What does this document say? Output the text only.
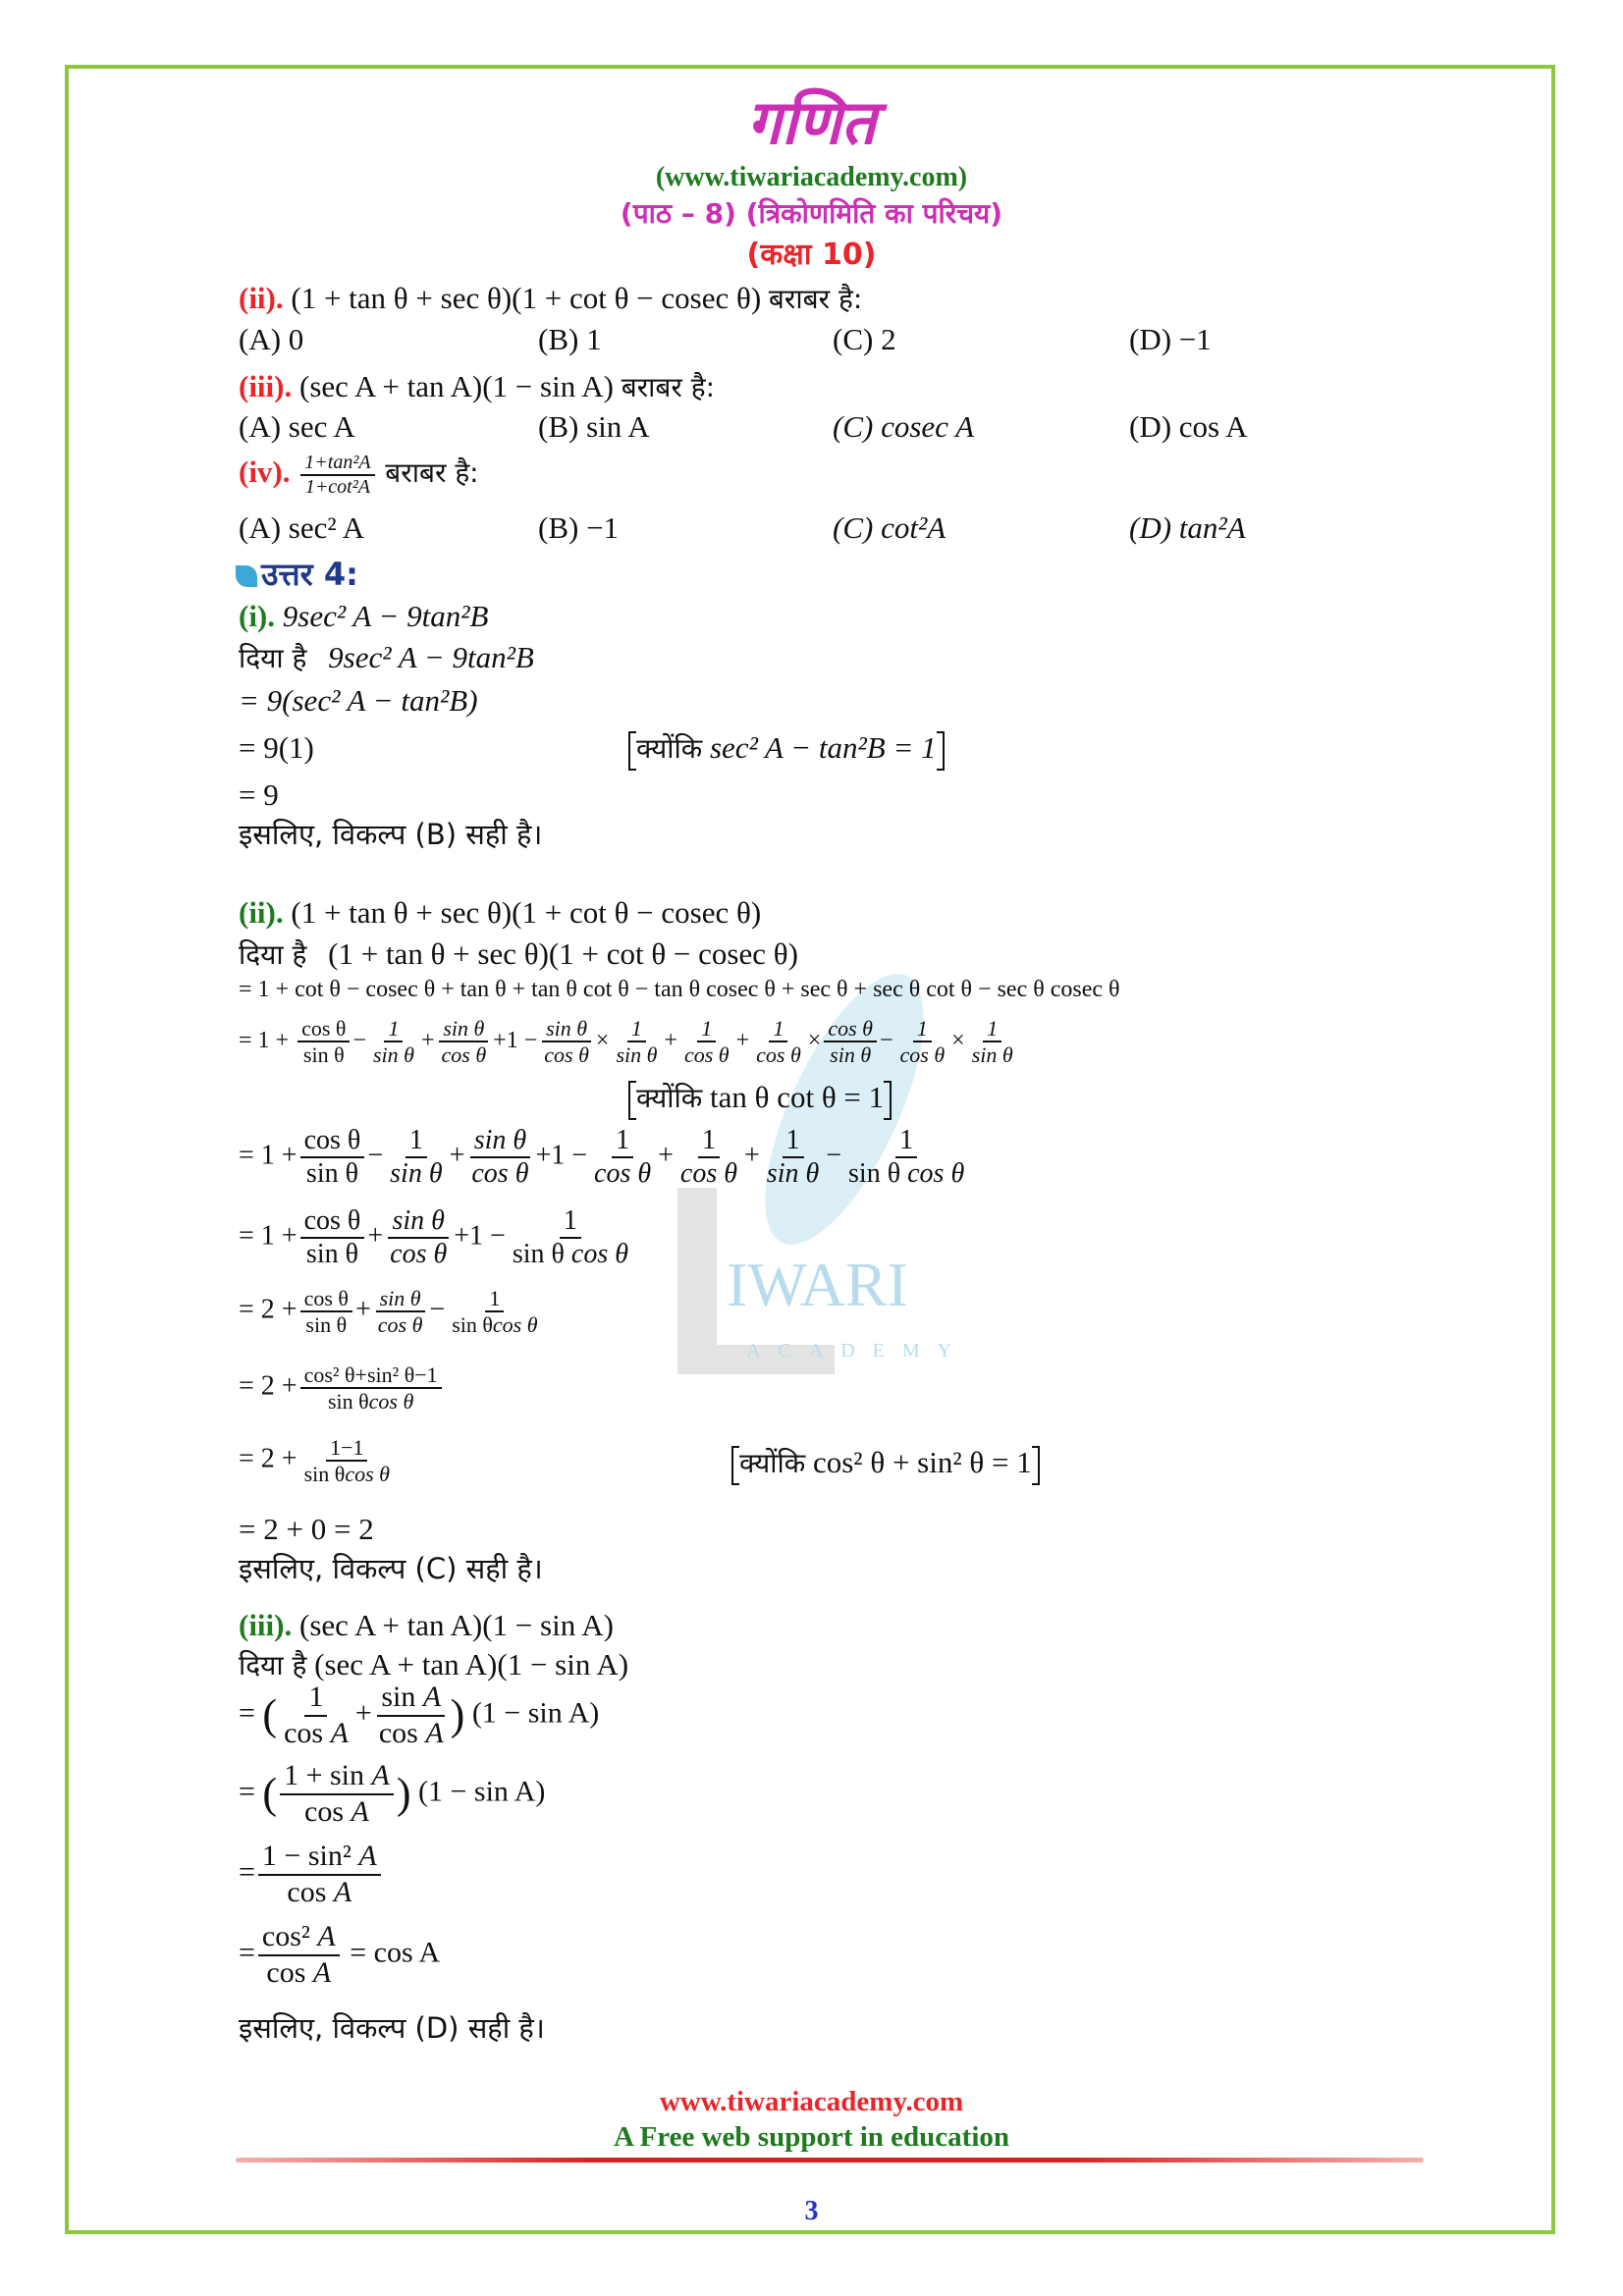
IWARI
ACADEMY
गणित
(www.tiwariacademy.com)
(पाठ – 8) (त्रिकोणमिति का परिचय)
(कक्षा 10)
(ii). (1 + tan θ + sec θ)(1 + cot θ − cosec θ) बराबर है:
(A) 0	(B) 1	(C) 2	(D) −1
(iii). (sec A + tan A)(1 − sin A) बराबर है:
(A) sec A	(B) sin A	(C) cosec A	(D) cos A
(iv). $\frac{\text{1+tan²A}}{\text{1+cot²A}}$ बराबर है:
(A) sec² A	(B) −1	(C) cot²A	(D) tan²A
उत्तर 4:
(i). 9sec² A − 9tan²B
दिया है 9sec² A − 9tan²B
= 9(sec² A − tan²B)
= 9(1)	क्योंकि sec² A − tan²B = 1
= 9
इसलिए, विकल्प (B) सही है।
(ii). (1 + tan θ + sec θ)(1 + cot θ − cosec θ)
दिया है (1 + tan θ + sec θ)(1 + cot θ − cosec θ)
= 1 + cot θ − cosec θ + tan θ + tan θ cot θ − tan θ cosec θ + sec θ + sec θ cot θ − sec θ cosec θ
= $1 + \frac{\text{cos θ}}{\text{sin θ}} - \frac{1}{\text{sin θ}} + \frac{\text{sin θ}}{\text{cos θ}} +1 - \frac{\text{sin θ}}{\text{cos θ}} \times \frac{1}{\text{sin θ}} + \frac{1}{\text{cos θ}} + \frac{1}{\text{cos θ}} \times \frac{\text{cos θ}}{\text{sin θ}} - \frac{1}{\text{cos θ}} \times \frac{1}{\text{sin θ}}$
क्योंकि tan θ cot θ = 1
= $1 + \frac{\text{cos θ}}{\text{sin θ}} - \frac{1}{\text{sin θ}} + \frac{\text{sin θ}}{\text{cos θ}} +1 - \frac{1}{\text{cos θ}} + \frac{1}{\text{cos θ}} + \frac{1}{\text{sin θ}} - \frac{1}{\text{sin θ cos θ}}$
= $1 + \frac{\text{cos θ}}{\text{sin θ}} + \frac{\text{sin θ}}{\text{cos θ}} +1 - \frac{1}{\text{sin θ cos θ}}$
= $2 + \frac{\text{cos θ}}{\text{sin θ}} + \frac{\text{sin θ}}{\text{cos θ}} - \frac{1}{\text{sin θcos θ}}$
= $2 + \frac{\text{cos² θ+sin² θ−1}}{\text{sin θcos θ}}$
= $2 + \frac{1-1}{\text{sin θcos θ}}$	क्योंकि cos² θ + sin² θ = 1
= 2 + 0 = 2
इसलिए, विकल्प (C) सही है।
(iii). (sec A + tan A)(1 − sin A)
दिया है (sec A + tan A)(1 − sin A)
= ( $\frac{1}{\text{cos A}} + \frac{\text{sin A}}{\text{cos A}}$ ) (1 − sin A)
= ( $\frac{\text{1 + sin A}}{\text{cos A}}$ ) (1 − sin A)
= $\frac{\text{1 − sin² A}}{\text{cos A}}$
= $\frac{\text{cos² A}}{\text{cos A}} = \cos A$
इसलिए, विकल्प (D) सही है।
www.tiwariacademy.com
A Free web support in education
3
